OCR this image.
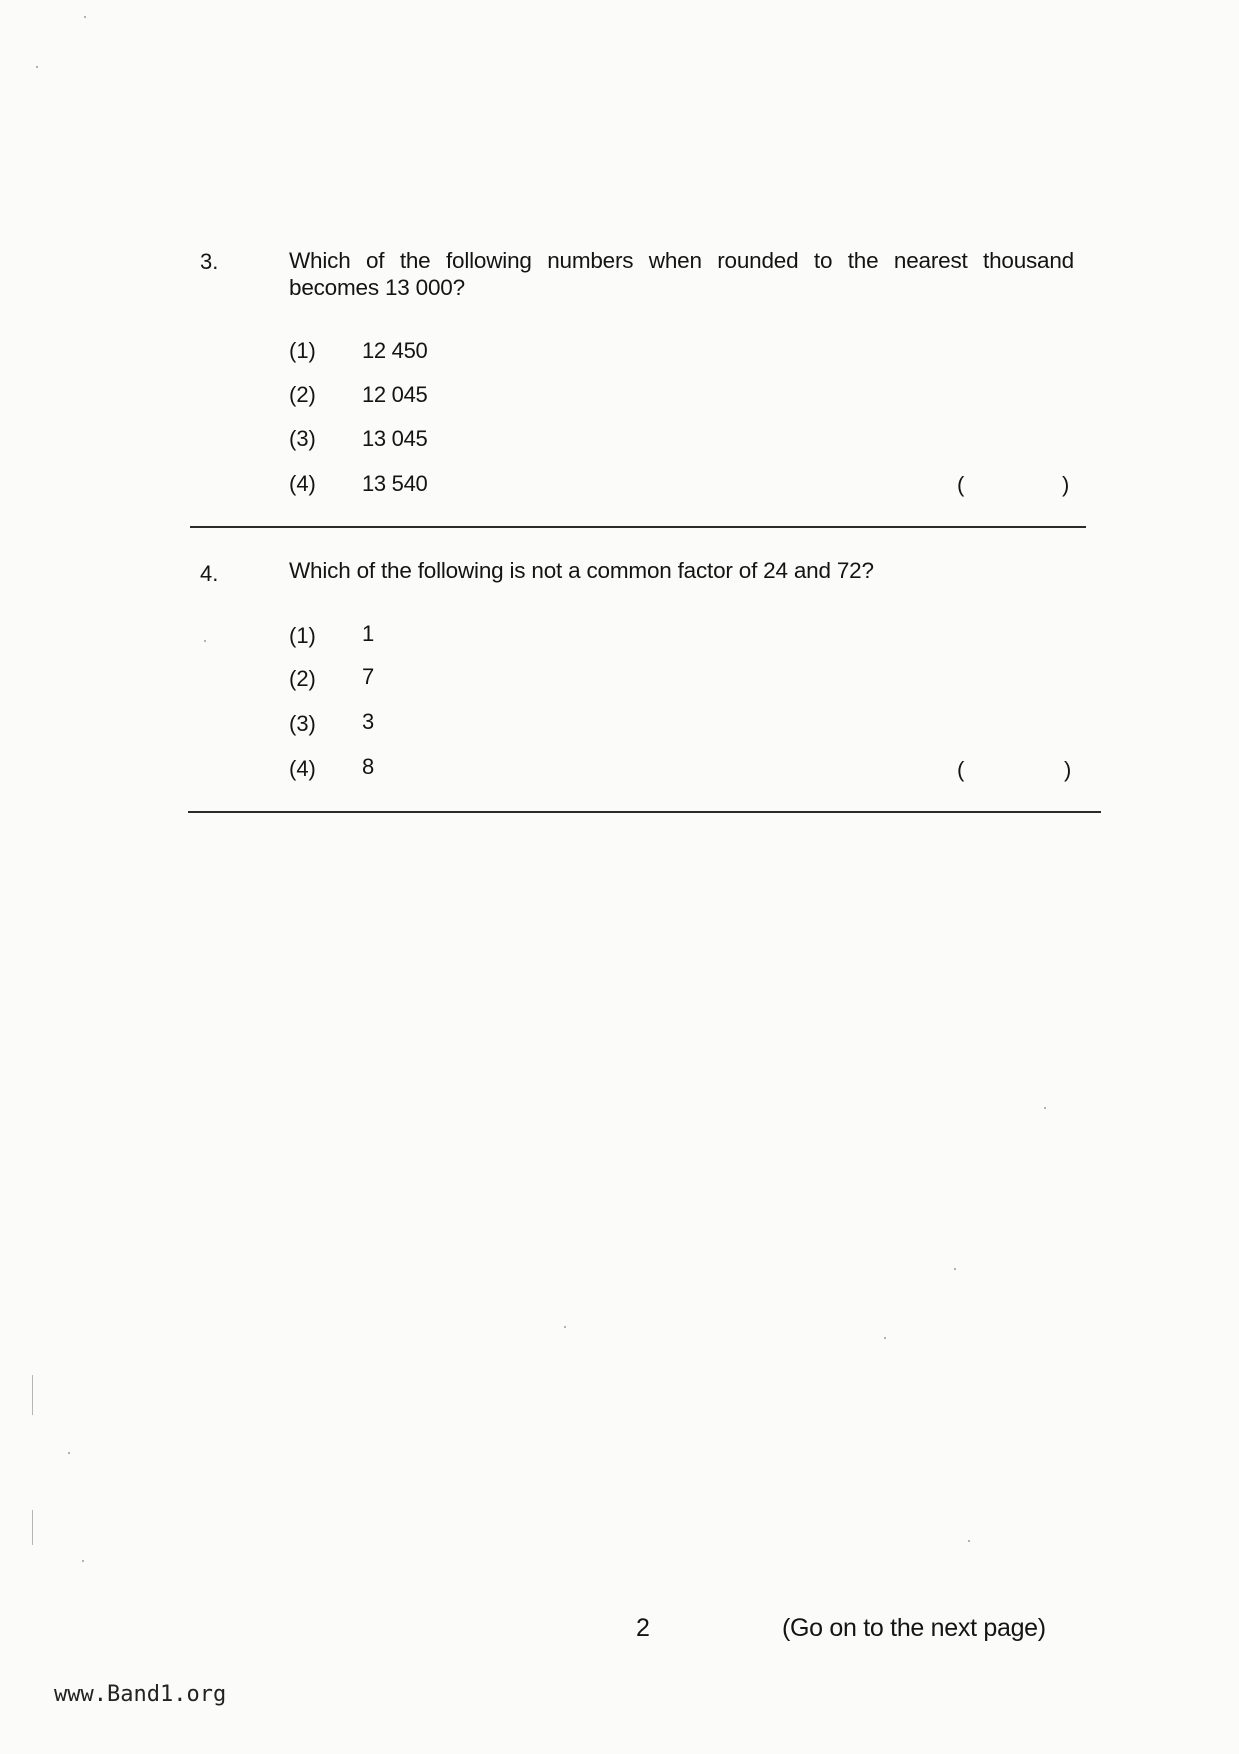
3.	Which of the following numbers when rounded to the nearest thousand becomes 13 000?
(1) 12 450
(2) 12 045
(3) 13 045
(4) 13 540	(	)
4.	Which of the following is not a common factor of 24 and 72?
(1) 1
(2) 7
(3) 3
(4) 8	(	)
2	(Go on to the next page)
www.Band1.org
